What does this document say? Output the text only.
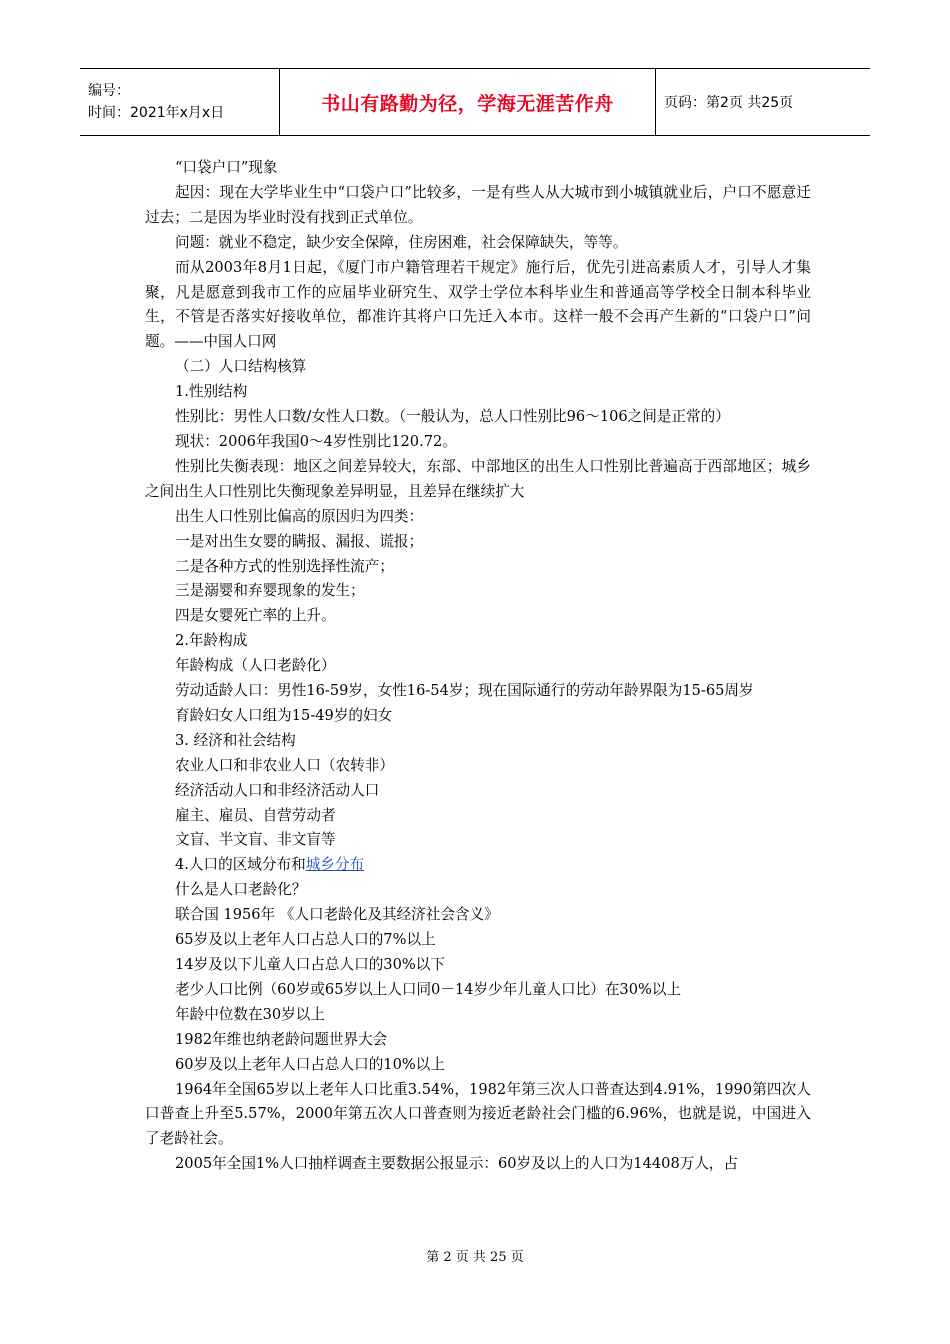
编号：
时间：2021年x月x日	书山有路勤为径，学海无涯苦作舟	页码：第2页 共25页

“口袋户口”现象

起因：现在大学毕业生中“口袋户口”比较多，一是有些人从大城市到小城镇就业后，户口不愿意迁过去；二是因为毕业时没有找到正式单位。

问题：就业不稳定，缺少安全保障，住房困难，社会保障缺失，等等。

而从2003年8月1日起，《厦门市户籍管理若干规定》施行后，优先引进高素质人才，引导人才集聚，凡是愿意到我市工作的应届毕业研究生、双学士学位本科毕业生和普通高等学校全日制本科毕业生，不管是否落实好接收单位，都准许其将户口先迁入本市。这样一般不会再产生新的“口袋户口”问题。——中国人口网

（二）人口结构核算

1.性别结构

性别比：男性人口数/女性人口数。（一般认为，总人口性别比96～106之间是正常的）

现状：2006年我国0～4岁性别比120.72。

性别比失衡表现：地区之间差异较大，东部、中部地区的出生人口性别比普遍高于西部地区；城乡之间出生人口性别比失衡现象差异明显，且差异在继续扩大

出生人口性别比偏高的原因归为四类：

一是对出生女婴的瞒报、漏报、谎报；

二是各种方式的性别选择性流产；

三是溺婴和弃婴现象的发生；

四是女婴死亡率的上升。

2.年龄构成

年龄构成（人口老龄化）

劳动适龄人口：男性16-59岁，女性16-54岁；现在国际通行的劳动年龄界限为15-65周岁

育龄妇女人口组为15-49岁的妇女

3. 经济和社会结构

农业人口和非农业人口（农转非）

经济活动人口和非经济活动人口

雇主、雇员、自营劳动者

文盲、半文盲、非文盲等

4.人口的区域分布和城乡分布

什么是人口老龄化？

联合国 1956年 《人口老龄化及其经济社会含义》

65岁及以上老年人口占总人口的7%以上

14岁及以下儿童人口占总人口的30%以下

老少人口比例（60岁或65岁以上人口同0－14岁少年儿童人口比）在30%以上

年龄中位数在30岁以上

1982年维也纳老龄问题世界大会

60岁及以上老年人口占总人口的10%以上

1964年全国65岁以上老年人口比重3.54%，1982年第三次人口普查达到4.91%，1990第四次人口普查上升至5.57%，2000年第五次人口普查则为接近老龄社会门槛的6.96%，也就是说，中国进入了老龄社会。

2005年全国1%人口抽样调查主要数据公报显示：60岁及以上的人口为14408万人，占

第 2 页 共 25 页
